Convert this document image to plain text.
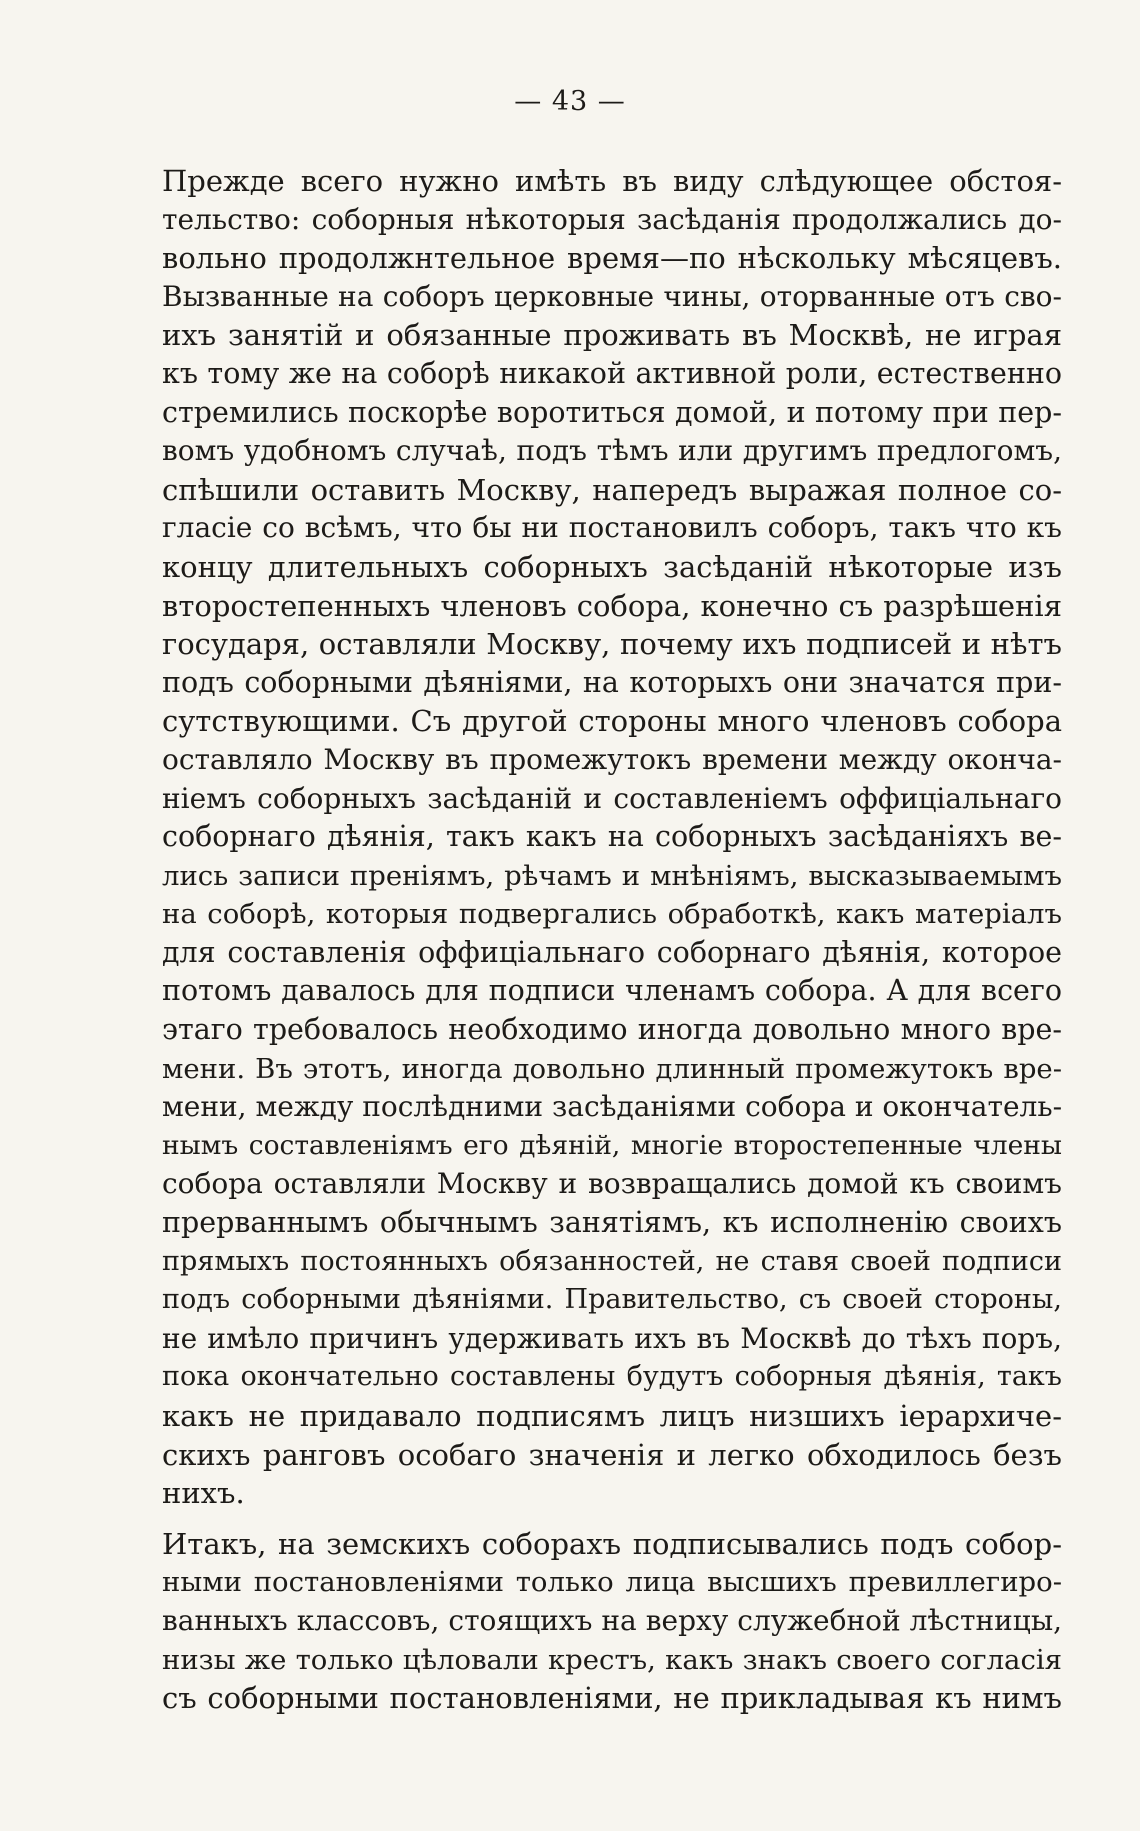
— 43 —
Прежде всего нужно имѣть въ виду слѣдующее обстоя-
тельство: соборныя нѣкоторыя засѣданія продолжались до-
вольно продолжнтельное время—по нѣскольку мѣсяцевъ.
Вызванные на соборъ церковные чины, оторванные отъ сво-
ихъ занятій и обязанные проживать въ Москвѣ, не играя
къ тому же на соборѣ никакой активной роли, естественно
стремились поскорѣе воротиться домой, и потому при пер-
вомъ удобномъ случаѣ, подъ тѣмъ или другимъ предлогомъ,
спѣшили оставить Москву, напередъ выражая полное со-
гласіе со всѣмъ, что бы ни постановилъ соборъ, такъ что къ
концу длительныхъ соборныхъ засѣданій нѣкоторые изъ
второстепенныхъ членовъ собора, конечно съ разрѣшенія
государя, оставляли Москву, почему ихъ подписей и нѣтъ
подъ соборными дѣяніями, на которыхъ они значатся при-
сутствующими. Съ другой стороны много членовъ собора
оставляло Москву въ промежутокъ времени между оконча-
ніемъ соборныхъ засѣданій и составленіемъ оффиціальнаго
соборнаго дѣянія, такъ какъ на соборныхъ засѣданіяхъ ве-
лись записи преніямъ, рѣчамъ и мнѣніямъ, высказываемымъ
на соборѣ, которыя подвергались обработкѣ, какъ матеріалъ
для составленія оффиціальнаго соборнаго дѣянія, которое
потомъ давалось для подписи членамъ собора. А для всего
этаго требовалось необходимо иногда довольно много вре-
мени. Въ этотъ, иногда довольно длинный промежутокъ вре-
мени, между послѣдними засѣданіями собора и окончатель-
нымъ составленіямъ его дѣяній, многіе второстепенные члены
собора оставляли Москву и возвращались домой къ своимъ
прерваннымъ обычнымъ занятіямъ, къ исполненію своихъ
прямыхъ постоянныхъ обязанностей, не ставя своей подписи
подъ соборными дѣяніями. Правительство, съ своей стороны,
не имѣло причинъ удерживать ихъ въ Москвѣ до тѣхъ поръ,
пока окончательно составлены будутъ соборныя дѣянія, такъ
какъ не придавало подписямъ лицъ низшихъ іерархиче-
скихъ ранговъ особаго значенія и легко обходилось безъ
нихъ.
Итакъ, на земскихъ соборахъ подписывались подъ собор-
ными постановленіями только лица высшихъ превиллегиро-
ванныхъ классовъ, стоящихъ на верху служебной лѣстницы,
низы же только цѣловали крестъ, какъ знакъ своего согласія
съ соборными постановленіями, не прикладывая къ нимъ
